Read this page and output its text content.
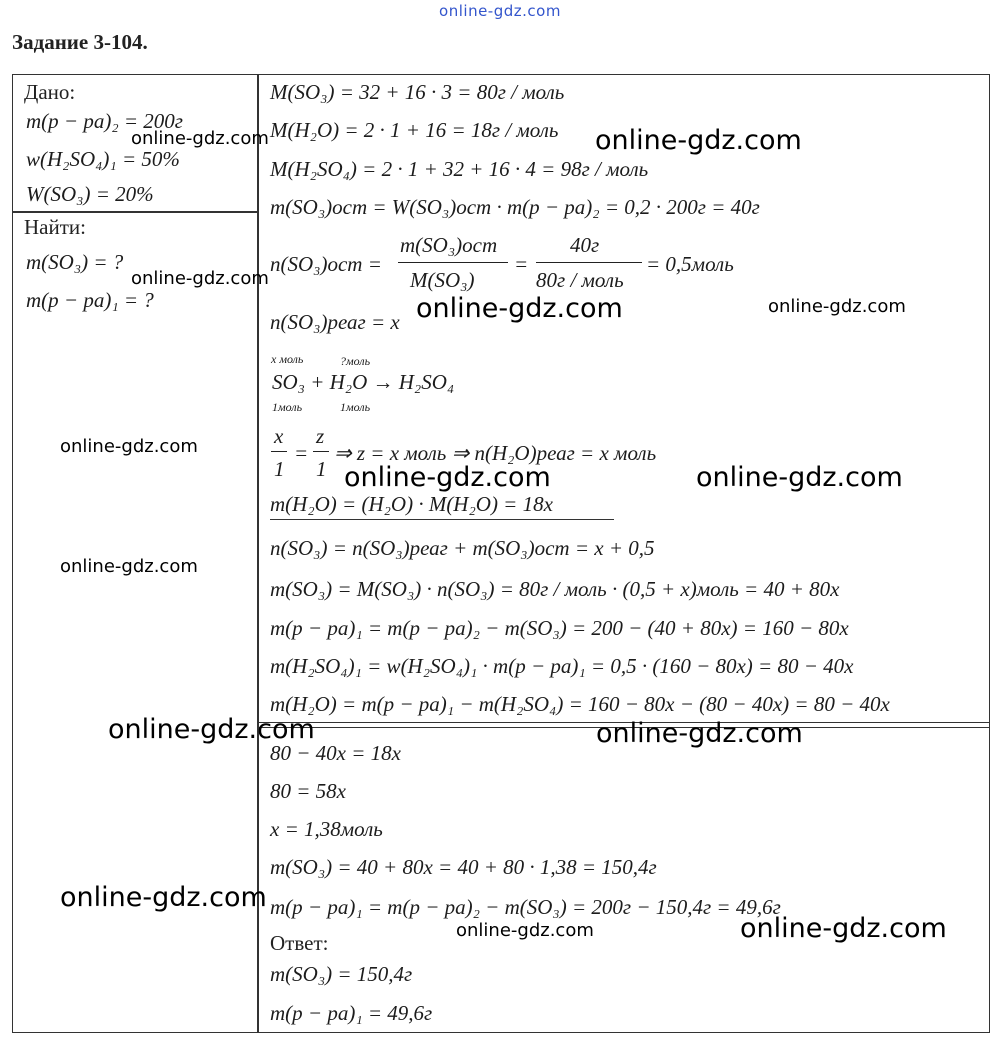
online-gdz.com
Задание 3-104.
Дано:
m(p − pa)₂ = 200г
w(H₂SO₄)₁ = 50%
W(SO₃) = 20%
Найти:
m(SO₃) = ?
m(p − pa)₁ = ?
M(SO₃) = 32 + 16 · 3 = 80г / моль
M(H₂O) = 2 · 1 + 16 = 18г / моль
M(H₂SO₄) = 2 · 1 + 32 + 16 · 4 = 98г / моль
m(SO₃)ост = W(SO₃)ост · m(p − pa)₂ = 0,2 · 200г = 40г
n(SO₃)ост =
m(SO₃)ост
M(SO₃)
=
40г
80г / моль
= 0,5моль
n(SO₃)реаг = x
x моль	?моль
SO₃ + H₂O → H₂SO₄
1моль	1моль
x
1
=
z
1
⇒ z = x моль ⇒ n(H₂O)реаг = x моль
m(H₂O) = (H₂O) · M(H₂O) = 18x
n(SO₃) = n(SO₃)реаг + m(SO₃)ост = x + 0,5
m(SO₃) = M(SO₃) · n(SO₃) = 80г / моль · (0,5 + x)моль = 40 + 80x
m(p − pa)₁ = m(p − pa)₂ − m(SO₃) = 200 − (40 + 80x) = 160 − 80x
m(H₂SO₄)₁ = w(H₂SO₄)₁ · m(p − pa)₁ = 0,5 · (160 − 80x) = 80 − 40x
m(H₂O) = m(p − pa)₁ − m(H₂SO₄) = 160 − 80x − (80 − 40x) = 80 − 40x
80 − 40x = 18x
80 = 58x
x = 1,38моль
m(SO₃) = 40 + 80x = 40 + 80 · 1,38 = 150,4г
m(p − pa)₁ = m(p − pa)₂ − m(SO₃) = 200г − 150,4г = 49,6г
Ответ:
m(SO₃) = 150,4г
m(p − pa)₁ = 49,6г
online-gdz.com	online-gdz.com
online-gdz.com
online-gdz.com	online-gdz.com
online-gdz.com
online-gdz.com	online-gdz.com
online-gdz.com
online-gdz.com	online-gdz.com
online-gdz.com
online-gdz.com	online-gdz.com
